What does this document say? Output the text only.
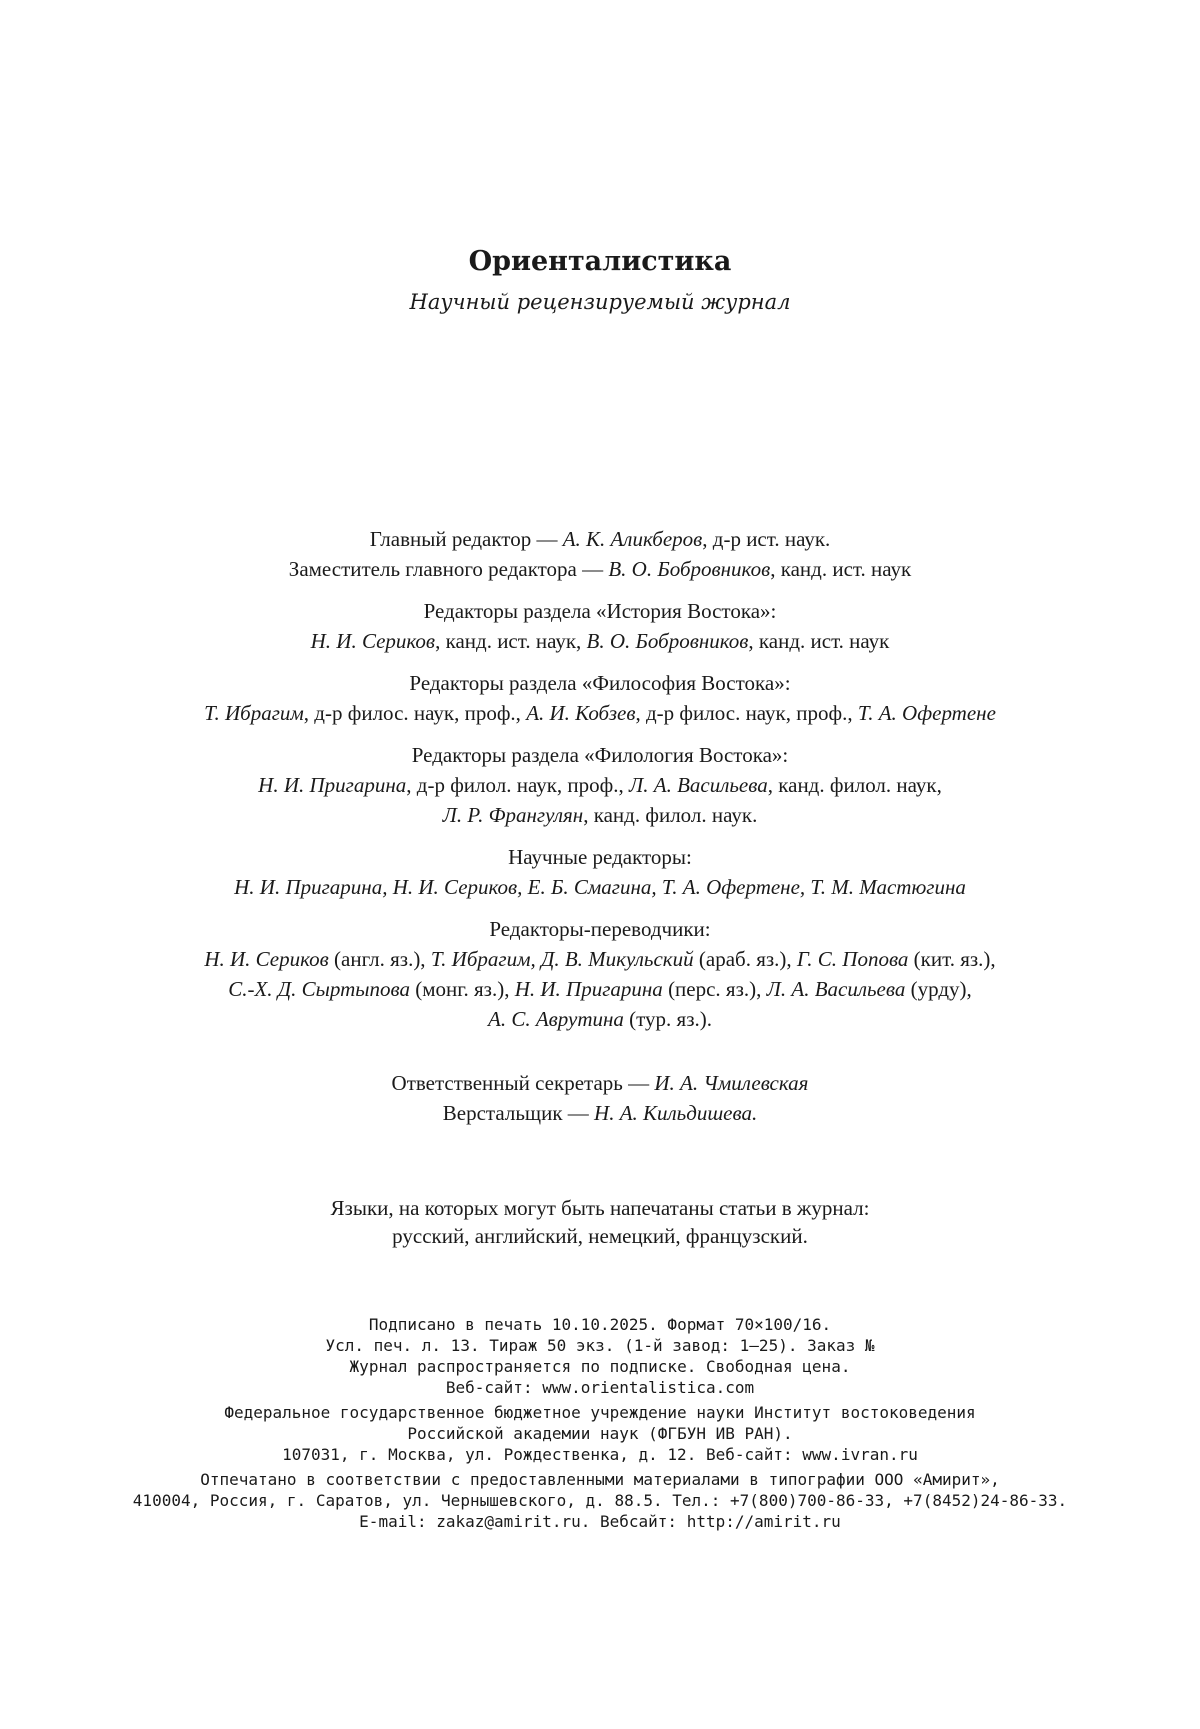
Ориенталистика
Научный рецензируемый журнал
Главный редактор — А. К. Аликберов, д-р ист. наук.
Заместитель главного редактора — В. О. Бобровников, канд. ист. наук
Редакторы раздела «История Востока»:
Н. И. Сериков, канд. ист. наук, В. О. Бобровников, канд. ист. наук
Редакторы раздела «Философия Востока»:
Т. Ибрагим, д-р филос. наук, проф., А. И. Кобзев, д-р филос. наук, проф., Т. А. Офертене
Редакторы раздела «Филология Востока»:
Н. И. Пригарина, д-р филол. наук, проф., Л. А. Васильева, канд. филол. наук,
Л. Р. Франгулян, канд. филол. наук.
Научные редакторы:
Н. И. Пригарина, Н. И. Сериков, Е. Б. Смагина, Т. А. Офертене, Т. М. Мастюгина
Редакторы-переводчики:
Н. И. Сериков (англ. яз.), Т. Ибрагим, Д. В. Микульский (араб. яз.), Г. С. Попова (кит. яз.),
С.-Х. Д. Сыртыпова (монг. яз.), Н. И. Пригарина (перс. яз.), Л. А. Васильева (урду),
А. С. Аврутина (тур. яз.).
Ответственный секретарь — И. А. Чмилевская
Верстальщик — Н. А. Кильдишева.
Языки, на которых могут быть напечатаны статьи в журнал:
русский, английский, немецкий, французский.
Подписано в печать 10.10.2025. Формат 70×100/16.
Усл. печ. л. 13. Тираж 50 экз. (1-й завод: 1–25). Заказ №
Журнал распространяется по подписке. Свободная цена.
Веб-сайт: www.orientalistica.com
Федеральное государственное бюджетное учреждение науки Институт востоковедения
Российской академии наук (ФГБУН ИВ РАН).
107031, г. Москва, ул. Рождественка, д. 12. Веб-сайт: www.ivran.ru
Отпечатано в соответствии с предоставленными материалами в типографии ООО «Амирит»,
410004, Россия, г. Саратов, ул. Чернышевского, д. 88.5. Тел.: +7(800)700-86-33, +7(8452)24-86-33.
E-mail: zakaz@amirit.ru. Вебсайт: http://amirit.ru
